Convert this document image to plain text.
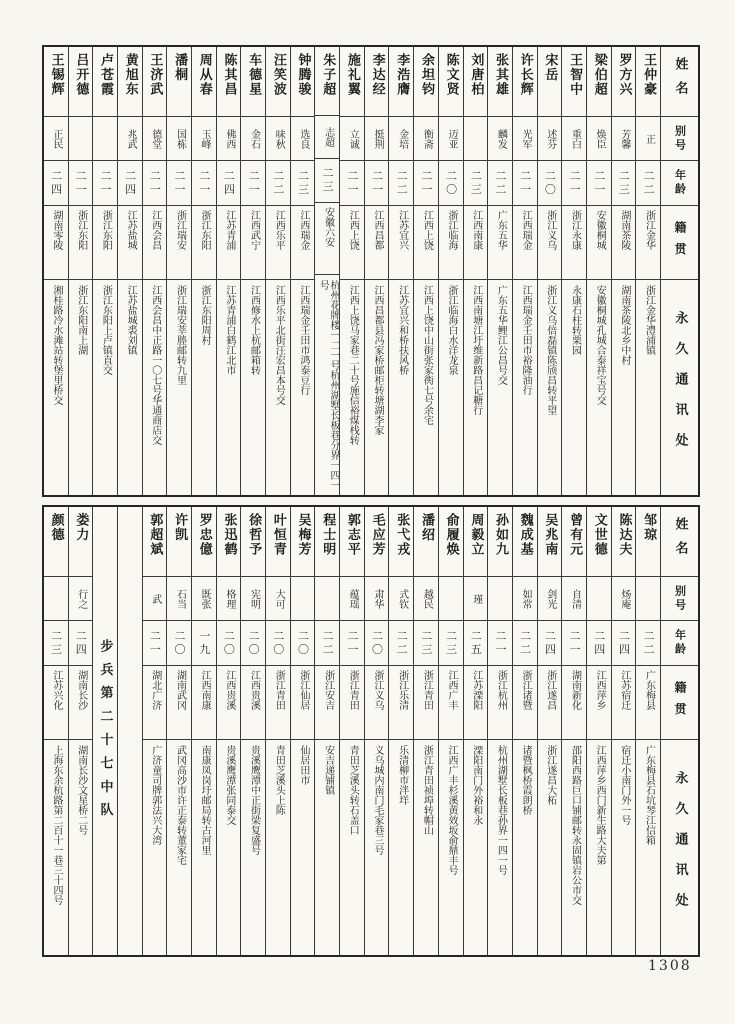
姓名
别号
年龄
籍贯
永久通讯处
王仲豪
正
二二
浙江金华
浙江金华澧浦镇
罗方兴
芳馨
二三
湖南茶陵
湖南茶陵北乡中村
梁伯超
焕臣
二一
安徽桐城
安徽桐城孔城合泰祥宝号交
王智中
重白
二一
浙江永康
永康石柱转栗园
宋岳
述芬
二〇
浙江义乌
浙江义乌倍磊镇陈颀昌转平望
许长辉
光军
二一
江西瑞金
江西瑞金壬田市裕隆油行
张其雄
麟发
二二
广东五华
广东五华鲤江公昌号交
刘唐柏
二三
江西南康
江西南塘江圩维新路昌记糖行
陈文贤
迈亚
二〇
浙江临海
浙江临海白水洋龙泉
余坦钧
衡斋
二一
江西上饶
江西上饶中山街张家衖七号余宅
李浩膺
金培
二二
江苏宜兴
江苏宜兴和桥扶风桥
李达经
挺荆
二一
江西昌都
江西昌都县冯家桥邮柜转塘湖李家
施礼翼
立诚
二一
江西上饶
江西上饶马家巷二十号施信裕煤栈转
朱子超
志超
二三
安徽六安
杭州花牌楼一二一号杭州湖墅长板巷分界一四一号
钟腾骏
选良
二三
江西瑞金
江西瑞金壬田市鸿泰豆行
汪笑波
味秋
二二
江西乐平
江西乐平北街汪宏昌本号交
车德星
金石
二一
江西武宁
江西修水上杭邮箱转
陈其昌
佛西
二四
江苏青浦
江苏青浦白鹤江北市
周从春
玉峰
二一
浙江东阳
浙江东阳周村
潘桐
国栋
二一
浙江瑞安
浙江瑞安莘塍邮转九里
王济武
德堂
二一
江西会昌
江西会昌中正路一〇七号华通商店交
黄旭东
兆武
二四
江苏盐城
江苏盐城裘刘镇
卢苍霞
二一
浙江东阳
浙江东阳上卢镇直交
吕开德
二一
浙江东阳
浙江东阳南上湖
王锡辉
正民
二四
湖南零陵
湘桂路冷水滩站转堡里桥交
姓名
别号
年龄
籍贯
永久通讯处
邹琼
二二
广东梅县
广东梅县石坑琴江信箱
陈达夫
炀庵
二四
江苏宿迁
宿迁小南门外一号
文世德
二四
江西萍乡
江西萍乡西门新生路大夫第
曾有元
自清
二一
湖南新化
邵阳西路巨口铺邮转永固镇岩公市交
吴兆南
剑光
二四
浙江遂昌
浙江遂昌大柘
魏成基
如常
二二
浙江诸暨
诸暨枫桥霞朗桥
孙如九
二一
浙江杭州
杭州湖墅长板巷孙界一四一号
周毅立
瑾
二五
江苏溧阳
溧阳南门外裕和永
俞履焕
二三
江西广丰
江西广丰杉溪黄效坂俞鼎丰号
潘绍
越民
二三
浙江青田
浙江青田祯埠转帽山
张弋戎
式钦
二二
浙江乐清
乐清柳市泮垟
毛应芳
肃华
二〇
浙江义乌
义乌城内南门毛家巷三号
郭志平
蕴瑶
二一
浙江青田
青田芝溪头转石盖口
程士明
二二
浙江安吉
安吉递铺镇
吴梅芳
二〇
浙江仙居
仙居田市
叶恒青
大可
二〇
浙江青田
青田芝溪头上陈
徐哲予
宪明
二〇
江西贵溪
贵溪鹰潭中正街梁复盛号
张迅鹤
格理
二〇
江西贵溪
贵溪鹰潭张同泰交
罗忠億
既张
一九
江西南康
南康凤岗圩邮局转古河里
许凯
石当
二〇
湖南武冈
武冈高沙市许正泰转董家宅
郭超斌
武
二一
湖北广济
广济童司牌郭法兴大湾
步兵第二十七中队
娄力
行之
二四
湖南长沙
湖南长沙文星桥二号
颜德
二三
江苏兴化
上海东余杭路第二百十一巷三十四号
1308
